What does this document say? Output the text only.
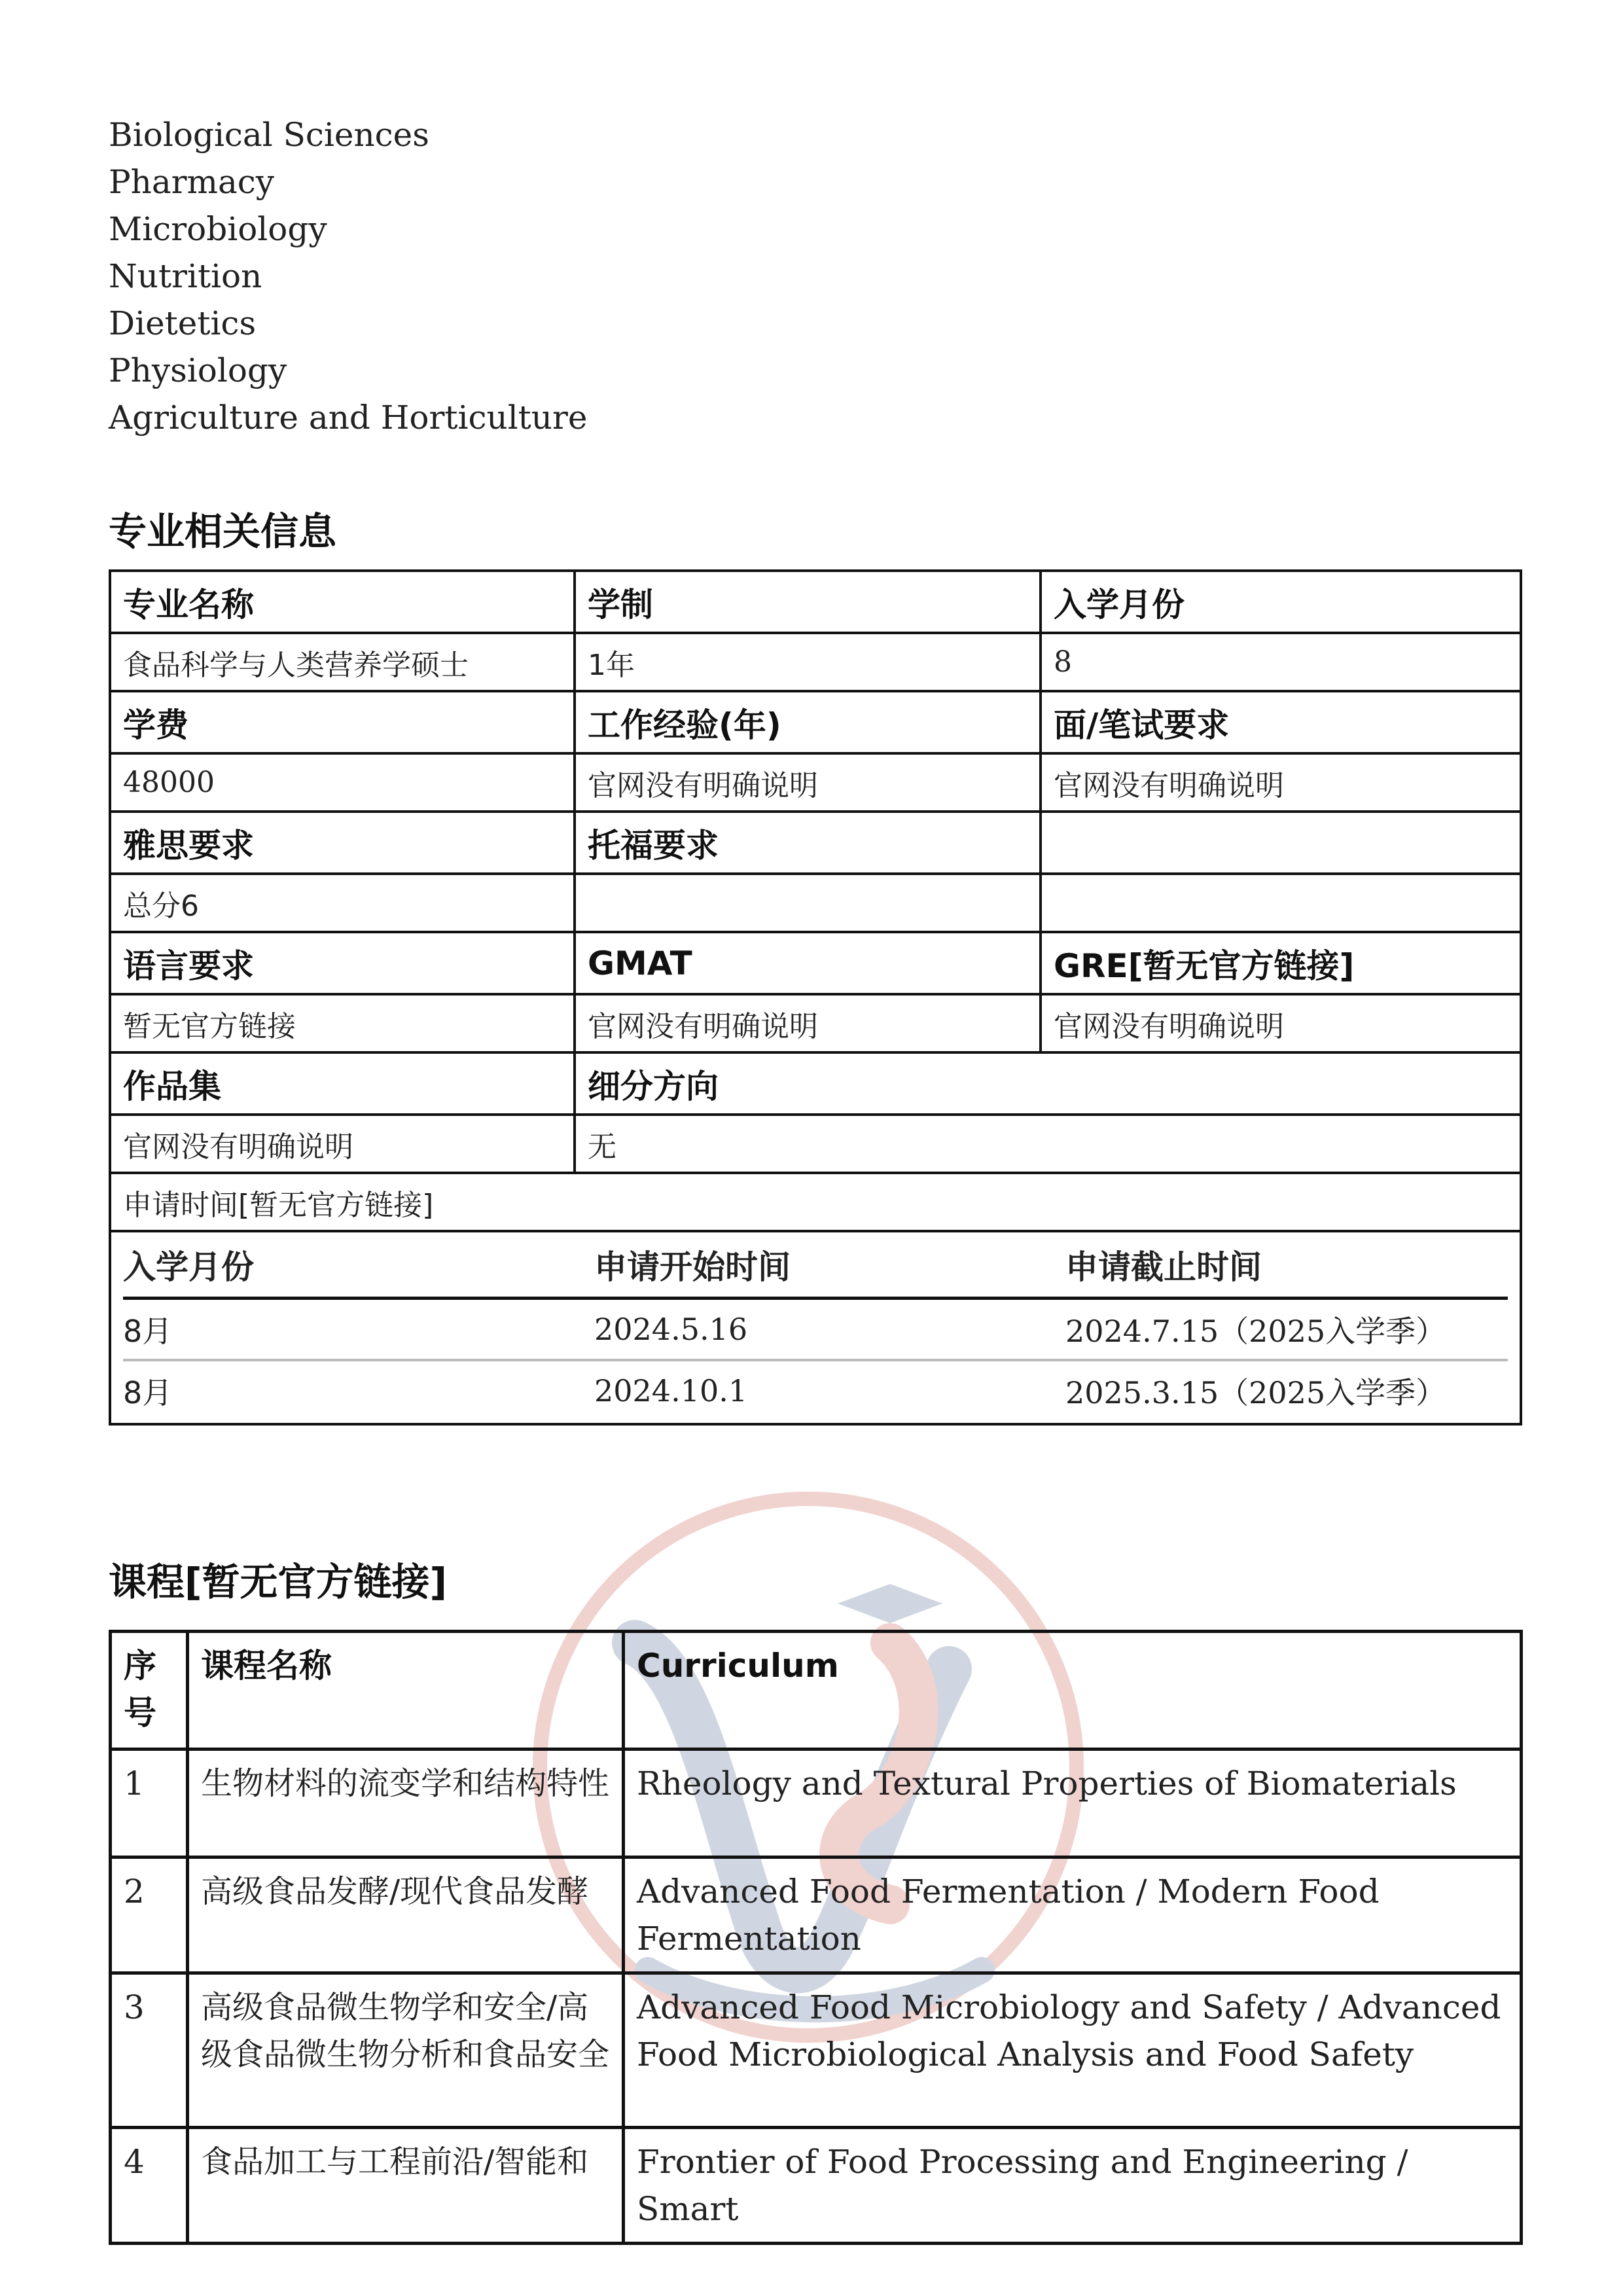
Biological Sciences
Pharmacy
Microbiology
Nutrition
Dietetics
Physiology
Agriculture and Horticulture
专业相关信息
专业名称	学制	入学月份
食品科学与人类营养学硕士	1年	8
学费	工作经验(年)	面/笔试要求
48000	官网没有明确说明	官网没有明确说明
雅思要求	托福要求	
总分6		
语言要求	GMAT	GRE[暂无官方链接]
暂无官方链接	官网没有明确说明	官网没有明确说明
作品集	细分方向
官网没有明确说明	无
申请时间[暂无官方链接]

入学月份	申请开始时间	申请截止时间
8月	2024.5.16	2024.7.15（2025入学季）
8月	2024.10.1	2025.3.15（2025入学季）
课程[暂无官方链接]
序号	课程名称	Curriculum
1	生物材料的流变学和结构特性	Rheology and Textural Properties of Biomaterials
2	高级食品发酵/现代食品发酵	Advanced Food Fermentation / Modern Food Fermentation
3	高级食品微生物学和安全/高级食品微生物分析和食品安全	Advanced Food Microbiology and Safety / Advanced Food Microbiological Analysis and Food Safety
4	食品加工与工程前沿/智能和	Frontier of Food Processing and Engineering / Smart
